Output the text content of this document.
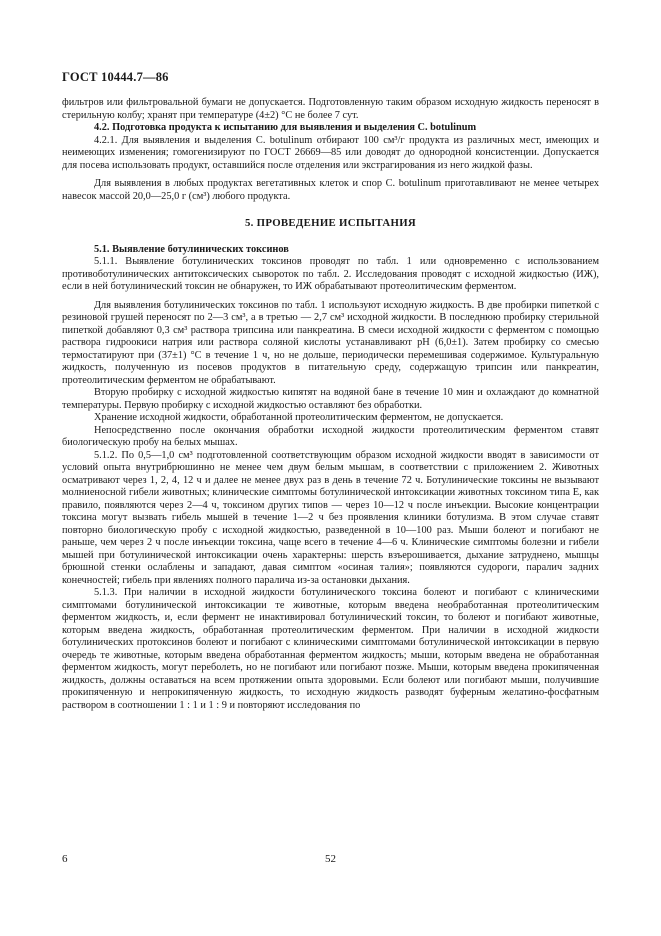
ГОСТ 10444.7—86

фильтров или фильтровальной бумаги не допускается. Подготовленную таким образом исходную жидкость переносят в стерильную колбу; хранят при температуре (4±2) °С не более 7 сут.

4.2. Подготовка продукта к испытанию для выявления и выделения С. botulinum

4.2.1. Для выявления и выделения С. botulinum отбирают 100 см³/г продукта из различных мест, имеющих и неимеющих изменения; гомогенизируют по ГОСТ 26669—85 или доводят до однородной консистенции. Допускается для посева использовать продукт, оставшийся после отделения или экстрагирования из него жидкой фазы.

Для выявления в любых продуктах вегетативных клеток и спор С. botulinum приготавливают не менее четырех навесок массой 20,0—25,0 г (см³) любого продукта.

5. ПРОВЕДЕНИЕ ИСПЫТАНИЯ

5.1. Выявление ботулинических токсинов

5.1.1. Выявление ботулинических токсинов проводят по табл. 1 или одновременно с использованием противоботулинических антитоксических сывороток по табл. 2. Исследования проводят с исходной жидкостью (ИЖ), если в ней ботулинический токсин не обнаружен, то ИЖ обрабатывают протеолитическим ферментом.

Для выявления ботулинических токсинов по табл. 1 используют исходную жидкость. В две пробирки пипеткой с резиновой грушей переносят по 2—3 см³, а в третью — 2,7 см³ исходной жидкости. В последнюю пробирку стерильной пипеткой добавляют 0,3 см³ раствора трипсина или панкреатина. В смеси исходной жидкости с ферментом с помощью раствора гидроокиси натрия или раствора соляной кислоты устанавливают рН (6,0±1). Затем пробирку со смесью термостатируют при (37±1) °С в течение 1 ч, но не дольше, периодически перемешивая содержимое. Культуральную жидкость, полученную из посевов продуктов в питательную среду, содержащую трипсин или панкреатин, протеолитическим ферментом не обрабатывают.

Вторую пробирку с исходной жидкостью кипятят на водяной бане в течение 10 мин и охлаждают до комнатной температуры. Первую пробирку с исходной жидкостью оставляют без обработки.

Хранение исходной жидкости, обработанной протеолитическим ферментом, не допускается.

Непосредственно после окончания обработки исходной жидкости протеолитическим ферментом ставят биологическую пробу на белых мышах.

5.1.2. По 0,5—1,0 см³ подготовленной соответствующим образом исходной жидкости вводят в зависимости от условий опыта внутрибрюшинно не менее чем двум белым мышам, в соответствии с приложением 2. Животных осматривают через 1, 2, 4, 12 ч и далее не менее двух раз в день в течение 72 ч. Ботулинические токсины не вызывают молниеносной гибели животных; клинические симптомы ботулинической интоксикации животных токсином типа Е, как правило, появляются через 2—4 ч, токсином других типов — через 10—12 ч после инъекции. Высокие концентрации токсина могут вызвать гибель мышей в течение 1—2 ч без проявления клиники ботулизма. В этом случае ставят повторно биологическую пробу с исходной жидкостью, разведенной в 10—100 раз. Мыши болеют и погибают не раньше, чем через 2 ч после инъекции токсина, чаще всего в течение 4—6 ч. Клинические симптомы болезни и гибели мышей при ботулинической интоксикации очень характерны: шерсть взъерошивается, дыхание затруднено, мышцы брюшной стенки ослаблены и западают, давая симптом «осиная талия»; появляются судороги, паралич задних конечностей; гибель при явлениях полного паралича из-за остановки дыхания.

5.1.3. При наличии в исходной жидкости ботулинического токсина болеют и погибают с клиническими симптомами ботулинической интоксикации те животные, которым введена необработанная протеолитическим ферментом жидкость, и, если фермент не инактивировал ботулинический токсин, то болеют и погибают животные, которым введена жидкость, обработанная протеолитическим ферментом. При наличии в исходной жидкости ботулинических протоксинов болеют и погибают с клиническими симптомами ботулинической интоксикации в первую очередь те животные, которым введена обработанная ферментом жидкость; мыши, которым введена не обработанная ферментом жидкость, могут переболеть, но не погибают или погибают позже. Мыши, которым введена прокипяченная жидкость, должны оставаться на всем протяжении опыта здоровыми. Если болеют или погибают мыши, получившие прокипяченную и непрокипяченную жидкость, то исходную жидкость разводят буферным желатино-фосфатным раствором в соотношении 1 : 1 и 1 : 9 и повторяют исследования по

6	52
